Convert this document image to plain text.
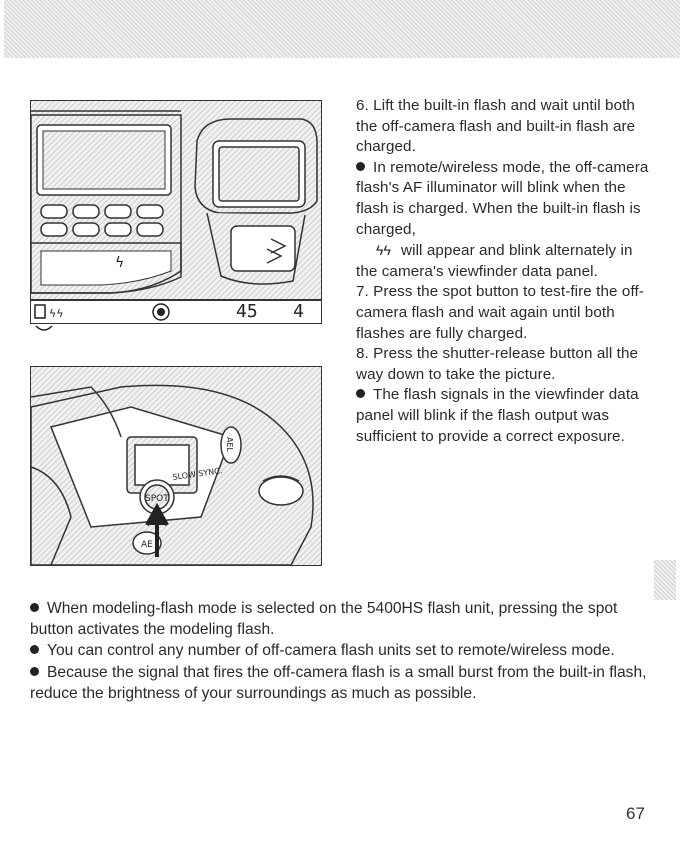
ϟ
ϟϟ	45 4
SPOT
SLOW SYNC.
AEL
AE

6. Lift the built-in flash and wait until both the off-camera flash and built-in flash are charged.

In remote/wireless mode, the off-camera flash's AF illuminator will blink when the flash is charged. When the built-in flash is charged,

ϟϟ will appear and blink alternately in the camera's viewfinder data panel.

7. Press the spot button to test-fire the off-camera flash and wait again until both flashes are fully charged.

8. Press the shutter-release button all the way down to take the picture.

The flash signals in the viewfinder data panel will blink if the flash output was sufficient to provide a correct exposure.

When modeling-flash mode is selected on the 5400HS flash unit, pressing the spot button activates the modeling flash.

You can control any number of off-camera flash units set to remote/wireless mode.

Because the signal that fires the off-camera flash is a small burst from the built-in flash, reduce the brightness of your surroundings as much as possible.

67
